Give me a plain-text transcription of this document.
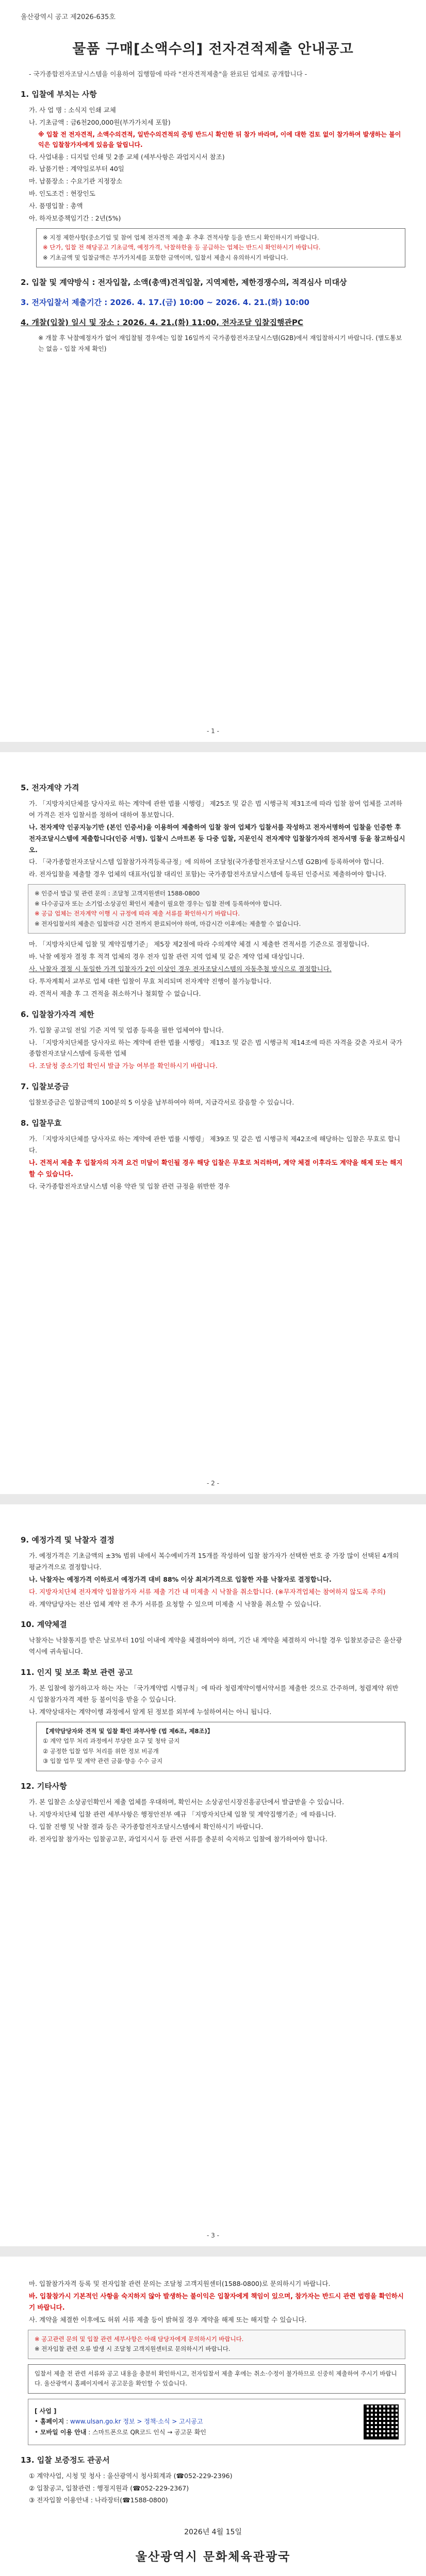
울산광역시 공고 제2026-635호
물품 구매[소액수의] 전자견적제출 안내공고
- 국가종합전자조달시스템을 이용하여 집행함에 따라 "전자견적제출"을 완료된 업체로 공개합니다 -
1. 입찰에 부치는 사항
가. 사 업 명 : 소식지 인쇄 교체
나. 기초금액 : 금6천200,000원(부가가치세 포함)
※ 입찰 전 전자견적, 소액수의견적, 일반수의견적의 증빙 반드시 확인한 뒤 참가 바라며, 이에 대한 검토 없이 참가하여 발생하는 불이익은 입찰참가자에게 있음을 알립니다.
다. 사업내용 : 디지털 인쇄 및 2종 교체 (세부사항은 과업지시서 참조)
라. 납품기한 : 계약일로부터 40일
마. 납품장소 : 수요기관 지정장소
바. 인도조건 : 현장인도
사. 품명입찰 : 총액
아. 하자보증책임기간 : 2년(5%)
※ 지정 제한사항(중소기업 및 참여 업체 전자견적 제출 후 추후 견적사항 등을 반드시 확인하시기 바랍니다.
※ 단가, 입찰 전 해당공고 기초금액, 예정가격, 낙찰하한율 등 공급하는 업체는 반드시 확인하시기 바랍니다.
※ 기초금액 및 입찰금액은 부가가치세를 포함한 금액이며, 입찰서 제출시 유의하시기 바랍니다.
2. 입찰 및 계약방식 : 전자입찰, 소액(총액)견적입찰, 지역제한, 제한경쟁수의, 적격심사 미대상
3. 전자입찰서 제출기간 : 2026. 4. 17.(금) 10:00 ~ 2026. 4. 21.(화) 10:00
4. 개찰(입찰) 일시 및 장소 : 2026. 4. 21.(화) 11:00, 전자조달 입찰집행관PC
※ 개찰 후 낙찰예정자가 없어 재입찰될 경우에는 입찰 16일까지 국가종합전자조달시스템(G2B)에서 재입찰하시기 바랍니다. (별도통보는 없음 - 입찰 자체 확인)
- 1 -
5. 전자계약 가격
가. 「지방자치단체를 당사자로 하는 계약에 관한 법률 시행령」 제25조 및 같은 법 시행규칙 제31조에 따라 입찰 참여 업체를 고려하여 가격은 전자 입찰서를 정하여 대하여 통보합니다.
나. 전자계약 인공지능기반 (본인 인증서)을 이용하여 제출하여 입찰 참여 업체가 입찰서를 작성하고 전자서명하여 입찰을 인증한 후 전자조달시스템에 제출합니다(인증 서명). 입찰시 스마트폰 등 다중 입찰, 지문인식 전자계약 입찰참가자의 전자서명 등을 참고하십시오.
다. 「국가종합전자조달시스템 입찰참가자격등록규정」에 의하여 조달청(국가종합전자조달시스템 G2B)에 등록하여야 합니다.
라. 전자입찰을 제출할 경우 업체의 대표자(입찰 대리인 포함)는 국가종합전자조달시스템에 등록된 인증서로 제출하여야 합니다.
※ 인증서 발급 및 관련 문의 : 조달청 고객지원센터 1588-0800
※ 다수공급자 또는 소기업·소상공인 확인서 제출이 필요한 경우는 입찰 전에 등록하여야 합니다.
※ 공급 업체는 전자계약 이행 시 규정에 따라 제출 서류를 확인하시기 바랍니다.
※ 전자입찰서의 제출은 입찰마감 시간 전까지 완료되어야 하며, 마감시간 이후에는 제출할 수 없습니다.
마. 「지방자치단체 입찰 및 계약집행기준」 제5장 제2절에 따라 수의계약 체결 시 제출한 견적서를 기준으로 결정합니다.
바. 낙찰 예정자 결정 후 적격 업체의 경우 전자 입찰 관련 지역 업체 및 같은 계약 업체 대상입니다.
사. 낙찰자 결정 시 동일한 가격 입찰자가 2인 이상인 경우 전자조달시스템의 자동추첨 방식으로 결정합니다.
다. 투자계획서 교부로 업체 대한 입찰이 무효 처리되며 전자계약 진행이 불가능합니다.
라. 견적서 제출 후 그 견적을 취소하거나 철회할 수 없습니다.
6. 입찰참가자격 제한
가. 입찰 공고일 전일 기준 지역 및 업종 등록을 필한 업체여야 합니다.
나. 「지방자치단체를 당사자로 하는 계약에 관한 법률 시행령」 제13조 및 같은 법 시행규칙 제14조에 따른 자격을 갖춘 자로서 국가종합전자조달시스템에 등록한 업체
다. 조달청 중소기업 확인서 발급 가능 여부를 확인하시기 바랍니다.
7. 입찰보증금
입찰보증금은 입찰금액의 100분의 5 이상을 납부하여야 하며, 지급각서로 갈음할 수 있습니다.
8. 입찰무효
가. 「지방자치단체를 당사자로 하는 계약에 관한 법률 시행령」 제39조 및 같은 법 시행규칙 제42조에 해당하는 입찰은 무효로 합니다.
나. 견적서 제출 후 입찰자의 자격 요건 미달이 확인될 경우 해당 입찰은 무효로 처리하며, 계약 체결 이후라도 계약을 해제 또는 해지할 수 있습니다.
다. 국가종합전자조달시스템 이용 약관 및 입찰 관련 규정을 위반한 경우
- 2 -
9. 예정가격 및 낙찰자 결정
가. 예정가격은 기초금액의 ±3% 범위 내에서 복수예비가격 15개를 작성하여 입찰 참가자가 선택한 번호 중 가장 많이 선택된 4개의 평균가격으로 결정합니다.
나. 낙찰자는 예정가격 이하로서 예정가격 대비 88% 이상 최저가격으로 입찰한 자를 낙찰자로 결정합니다.
다. 지방자치단체 전자계약 입찰참가자 서류 제출 기간 내 미제출 시 낙찰을 취소합니다. (※무자격업체는 참여하지 않도록 주의)
라. 계약담당자는 전산 업체 계약 전 추가 서류를 요청할 수 있으며 미제출 시 낙찰을 취소할 수 있습니다.
10. 계약체결
낙찰자는 낙찰통지를 받은 날로부터 10일 이내에 계약을 체결하여야 하며, 기간 내 계약을 체결하지 아니할 경우 입찰보증금은 울산광역시에 귀속됩니다.
11. 인지 및 보조 확보 관련 공고
가. 본 입찰에 참가하고자 하는 자는 「국가계약법 시행규칙」에 따라 청렴계약이행서약서를 제출한 것으로 간주하며, 청렴계약 위반 시 입찰참가자격 제한 등 불이익을 받을 수 있습니다.
나. 계약상대자는 계약이행 과정에서 알게 된 정보를 외부에 누설하여서는 아니 됩니다.
【계약담당자와 견적 및 입찰 확인 과부사항 (법 제6조, 제8조)】
① 계약 업무 처리 과정에서 부당한 요구 및 청탁 금지
② 공정한 입찰 업무 처리를 위한 정보 비공개
③ 입찰 업무 및 계약 관련 금품·향응 수수 금지
12. 기타사항
가. 본 입찰은 소상공인확인서 제출 업체를 우대하며, 확인서는 소상공인시장진흥공단에서 발급받을 수 있습니다.
나. 지방자치단체 입찰 관련 세부사항은 행정안전부 예규 「지방자치단체 입찰 및 계약집행기준」에 따릅니다.
다. 입찰 진행 및 낙찰 결과 등은 국가종합전자조달시스템에서 확인하시기 바랍니다.
라. 전자입찰 참가자는 입찰공고문, 과업지시서 등 관련 서류를 충분히 숙지하고 입찰에 참가하여야 합니다.
- 3 -
마. 입찰참가자격 등록 및 전자입찰 관련 문의는 조달청 고객지원센터(1588-0800)로 문의하시기 바랍니다.
바. 입찰참가시 기본적인 사항을 숙지하지 않아 발생하는 불이익은 입찰자에게 책임이 있으며, 참가자는 반드시 관련 법령을 확인하시기 바랍니다.
사. 계약을 체결한 이후에도 허위 서류 제출 등이 밝혀질 경우 계약을 해제 또는 해지할 수 있습니다.
※ 공고관련 문의 및 입찰 관련 세부사항은 아래 담당자에게 문의하시기 바랍니다.
※ 전자입찰 관련 오류 발생 시 조달청 고객지원센터로 문의하시기 바랍니다.
입찰서 제출 전 관련 서류와 공고 내용을 충분히 확인하시고, 전자입찰서 제출 후에는 취소·수정이 불가하므로 신중히 제출하여 주시기 바랍니다. 울산광역시 홈페이지에서 공고문을 확인할 수 있습니다.
[ 사업 ]
• 홈페이지 : www.ulsan.go.kr 정보 > 정책·소식 > 고시공고
• 모바일 이용 안내 : 스마트폰으로 QR코드 인식 → 공고문 확인
13. 입찰 보증정도 관공서
① 계약사업, 시청 및 청사 : 울산광역시 청사회계과 (☎052-229-2396)
② 입찰공고, 입찰관련 : 행정지원과 (☎052-229-2367)
③ 전자입찰 이용안내 : 나라장터(☎1588-0800)
2026년 4월 15일
울산광역시 문화체육관광국
